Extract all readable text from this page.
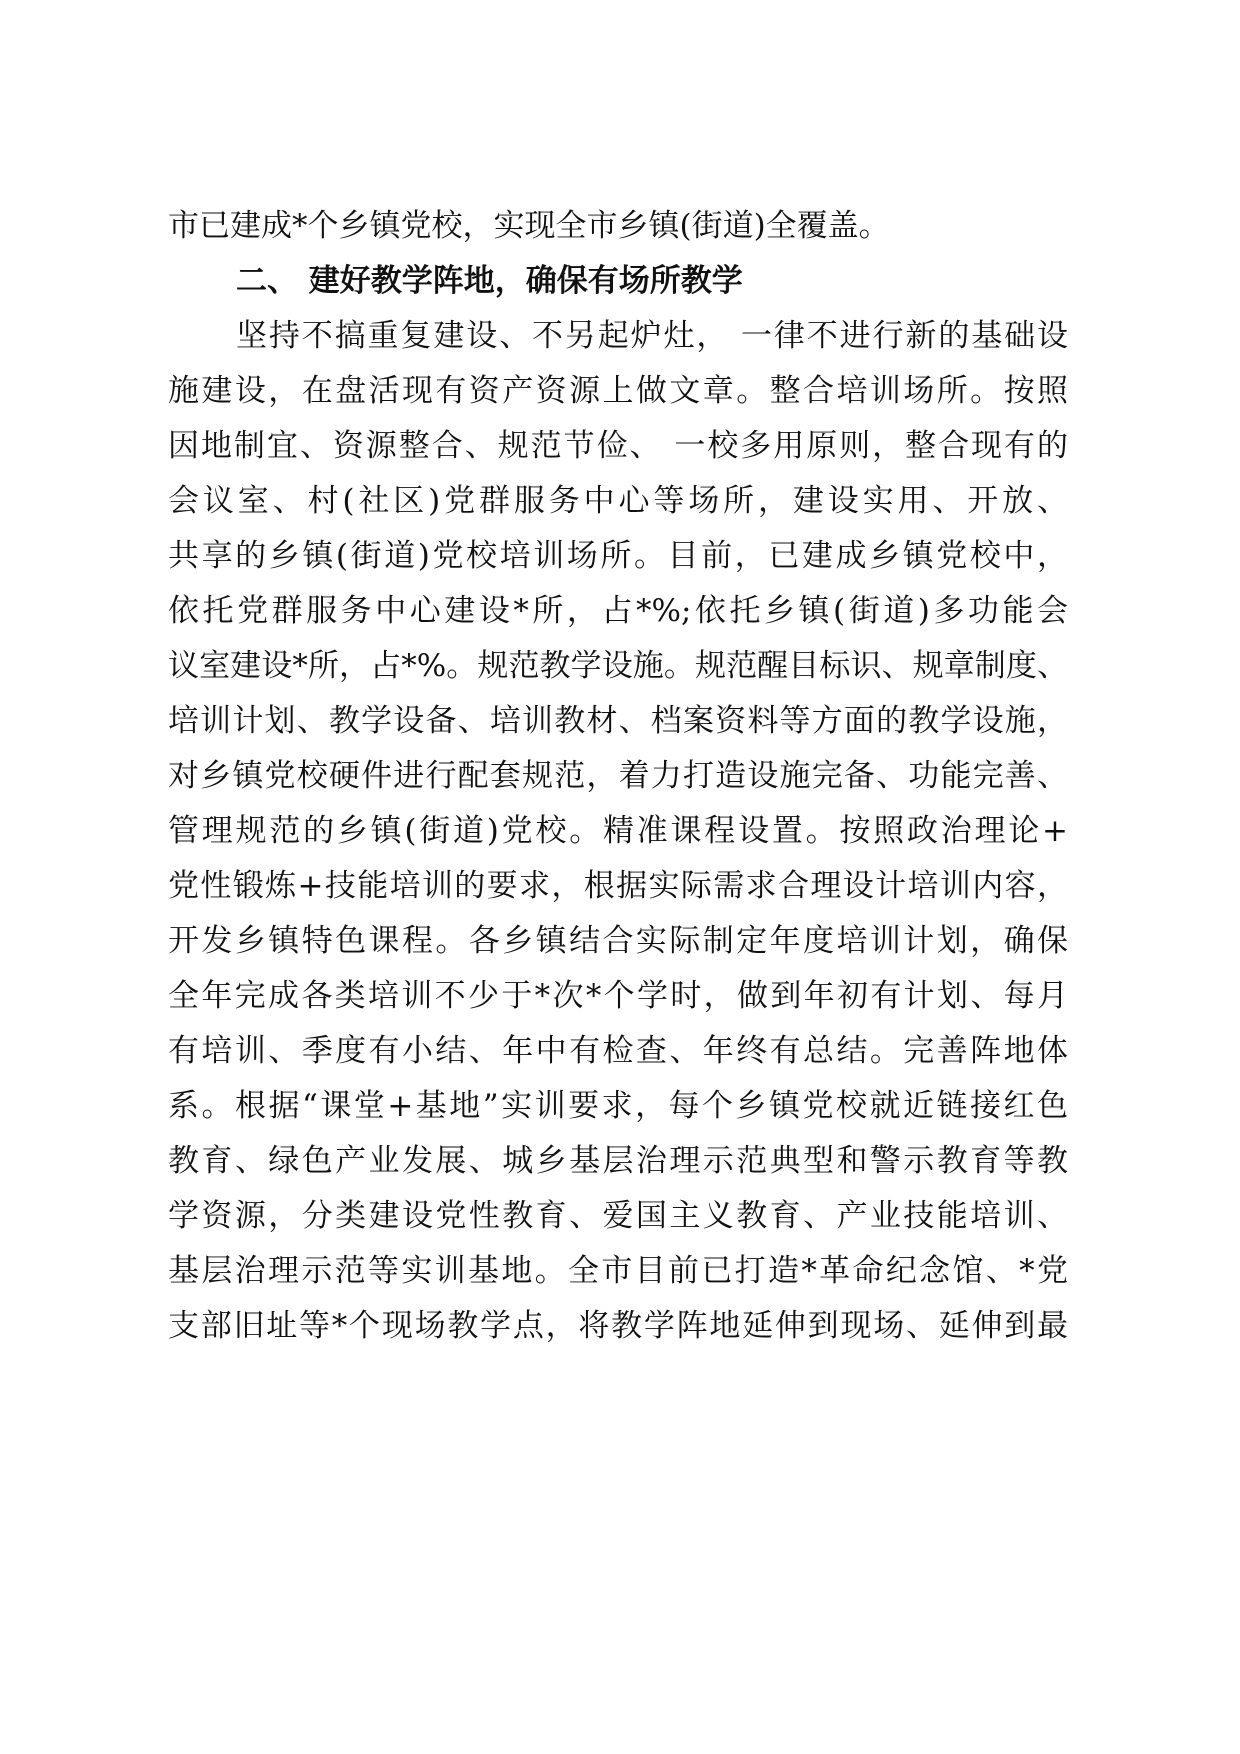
市已建成*个乡镇党校，实现全市乡镇(街道)全覆盖。
二、 建好教学阵地，确保有场所教学
坚持不搞重复建设、不另起炉灶， 一律不进行新的基础设
施建设，在盘活现有资产资源上做文章。整合培训场所。按照
因地制宜、资源整合、规范节俭、 一校多用原则，整合现有的
会议室、村(社区)党群服务中心等场所，建设实用、开放、
共享的乡镇(街道)党校培训场所。目前，已建成乡镇党校中，
依托党群服务中心建设*所，占*%;依托乡镇(街道)多功能会
议室建设*所，占*%。规范教学设施。规范醒目标识、规章制度、
培训计划、教学设备、培训教材、档案资料等方面的教学设施，
对乡镇党校硬件进行配套规范，着力打造设施完备、功能完善、
管理规范的乡镇(街道)党校。精准课程设置。按照政治理论+
党性锻炼+技能培训的要求，根据实际需求合理设计培训内容，
开发乡镇特色课程。各乡镇结合实际制定年度培训计划，确保
全年完成各类培训不少于*次*个学时，做到年初有计划、每月
有培训、季度有小结、年中有检查、年终有总结。完善阵地体
系。根据“课堂+基地”实训要求，每个乡镇党校就近链接红色
教育、绿色产业发展、城乡基层治理示范典型和警示教育等教
学资源，分类建设党性教育、爱国主义教育、产业技能培训、
基层治理示范等实训基地。全市目前已打造*革命纪念馆、*党
支部旧址等*个现场教学点，将教学阵地延伸到现场、延伸到最
